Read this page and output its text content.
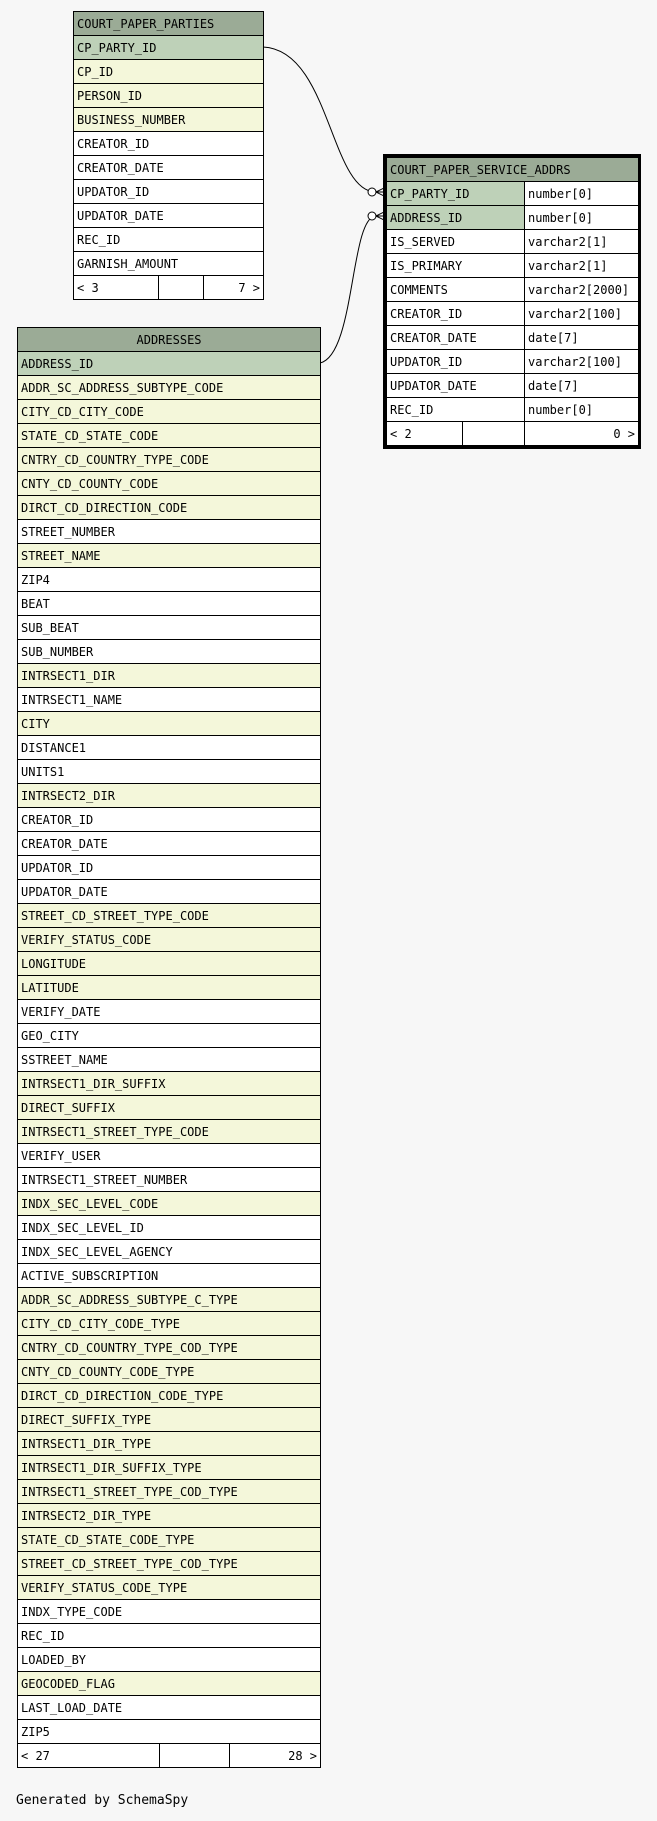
COURT_PAPER_PARTIES
CP_PARTY_ID
CP_ID
PERSON_ID
BUSINESS_NUMBER
CREATOR_ID
CREATOR_DATE
UPDATOR_ID
UPDATOR_DATE
REC_ID
GARNISH_AMOUNT
< 3		7 >
COURT_PAPER_SERVICE_ADDRS		
CP_PARTY_ID		number[0]
ADDRESS_ID		number[0]
IS_SERVED		varchar2[1]
IS_PRIMARY		varchar2[1]
COMMENTS		varchar2[2000]
CREATOR_ID		varchar2[100]
CREATOR_DATE		date[7]
UPDATOR_ID		varchar2[100]
UPDATOR_DATE		date[7]
REC_ID		number[0]
< 2		0 >
ADDRESSES
ADDRESS_ID
ADDR_SC_ADDRESS_SUBTYPE_CODE
CITY_CD_CITY_CODE
STATE_CD_STATE_CODE
CNTRY_CD_COUNTRY_TYPE_CODE
CNTY_CD_COUNTY_CODE
DIRCT_CD_DIRECTION_CODE
STREET_NUMBER
STREET_NAME
ZIP4
BEAT
SUB_BEAT
SUB_NUMBER
INTRSECT1_DIR
INTRSECT1_NAME
CITY
DISTANCE1
UNITS1
INTRSECT2_DIR
CREATOR_ID
CREATOR_DATE
UPDATOR_ID
UPDATOR_DATE
STREET_CD_STREET_TYPE_CODE
VERIFY_STATUS_CODE
LONGITUDE
LATITUDE
VERIFY_DATE
GEO_CITY
SSTREET_NAME
INTRSECT1_DIR_SUFFIX
DIRECT_SUFFIX
INTRSECT1_STREET_TYPE_CODE
VERIFY_USER
INTRSECT1_STREET_NUMBER
INDX_SEC_LEVEL_CODE
INDX_SEC_LEVEL_ID
INDX_SEC_LEVEL_AGENCY
ACTIVE_SUBSCRIPTION
ADDR_SC_ADDRESS_SUBTYPE_C_TYPE
CITY_CD_CITY_CODE_TYPE
CNTRY_CD_COUNTRY_TYPE_COD_TYPE
CNTY_CD_COUNTY_CODE_TYPE
DIRCT_CD_DIRECTION_CODE_TYPE
DIRECT_SUFFIX_TYPE
INTRSECT1_DIR_TYPE
INTRSECT1_DIR_SUFFIX_TYPE
INTRSECT1_STREET_TYPE_COD_TYPE
INTRSECT2_DIR_TYPE
STATE_CD_STATE_CODE_TYPE
STREET_CD_STREET_TYPE_COD_TYPE
VERIFY_STATUS_CODE_TYPE
INDX_TYPE_CODE
REC_ID
LOADED_BY
GEOCODED_FLAG
LAST_LOAD_DATE
ZIP5
< 27		28 >
Generated by SchemaSpy
